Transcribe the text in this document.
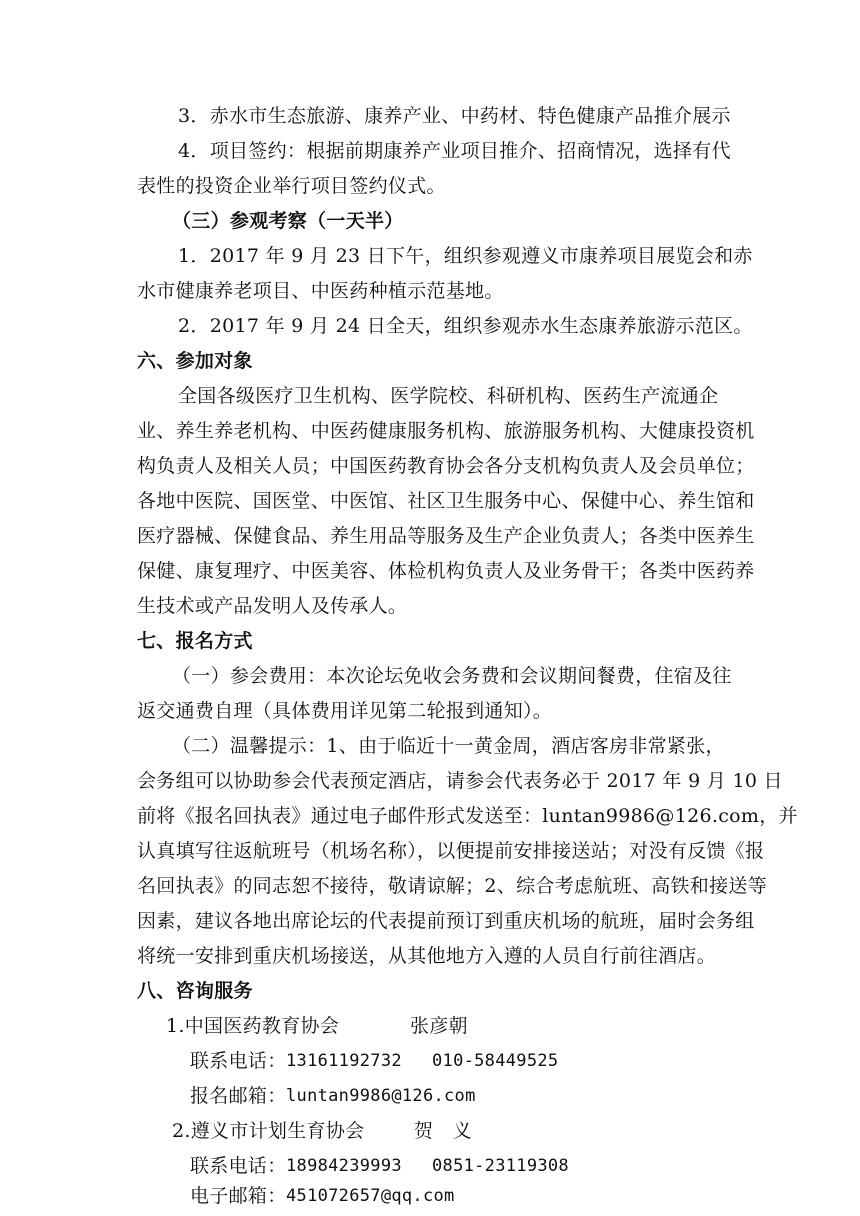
3．赤水市生态旅游、康养产业、中药材、特色健康产品推介展示
4．项目签约：根据前期康养产业项目推介、招商情况，选择有代
表性的投资企业举行项目签约仪式。
（三）参观考察（一天半）
1．2017 年 9 月 23 日下午，组织参观遵义市康养项目展览会和赤
水市健康养老项目、中医药种植示范基地。
2．2017 年 9 月 24 日全天，组织参观赤水生态康养旅游示范区。
六、参加对象
全国各级医疗卫生机构、医学院校、科研机构、医药生产流通企
业、养生养老机构、中医药健康服务机构、旅游服务机构、大健康投资机
构负责人及相关人员；中国医药教育协会各分支机构负责人及会员单位；
各地中医院、国医堂、中医馆、社区卫生服务中心、保健中心、养生馆和
医疗器械、保健食品、养生用品等服务及生产企业负责人；各类中医养生
保健、康复理疗、中医美容、体检机构负责人及业务骨干；各类中医药养
生技术或产品发明人及传承人。
七、报名方式
（一）参会费用：本次论坛免收会务费和会议期间餐费，住宿及往
返交通费自理（具体费用详见第二轮报到通知）。
（二）温馨提示：1、由于临近十一黄金周，酒店客房非常紧张，
会务组可以协助参会代表预定酒店，请参会代表务必于 2017 年 9 月 10 日
前将《报名回执表》通过电子邮件形式发送至：luntan9986@126.com，并
认真填写往返航班号（机场名称），以便提前安排接送站；对没有反馈《报
名回执表》的同志恕不接待，敬请谅解；2、综合考虑航班、高铁和接送等
因素，建议各地出席论坛的代表提前预订到重庆机场的航班，届时会务组
将统一安排到重庆机场接送，从其他地方入遵的人员自行前往酒店。
八、咨询服务
1.中国医药教育协会	张彦朝
联系电话： 13161192732 010-58449525
报名邮箱： luntan9986@126.com
2.遵义市计划生育协会	贺　义
联系电话： 18984239993 0851-23119308
电子邮箱： 451072657@qq.com
